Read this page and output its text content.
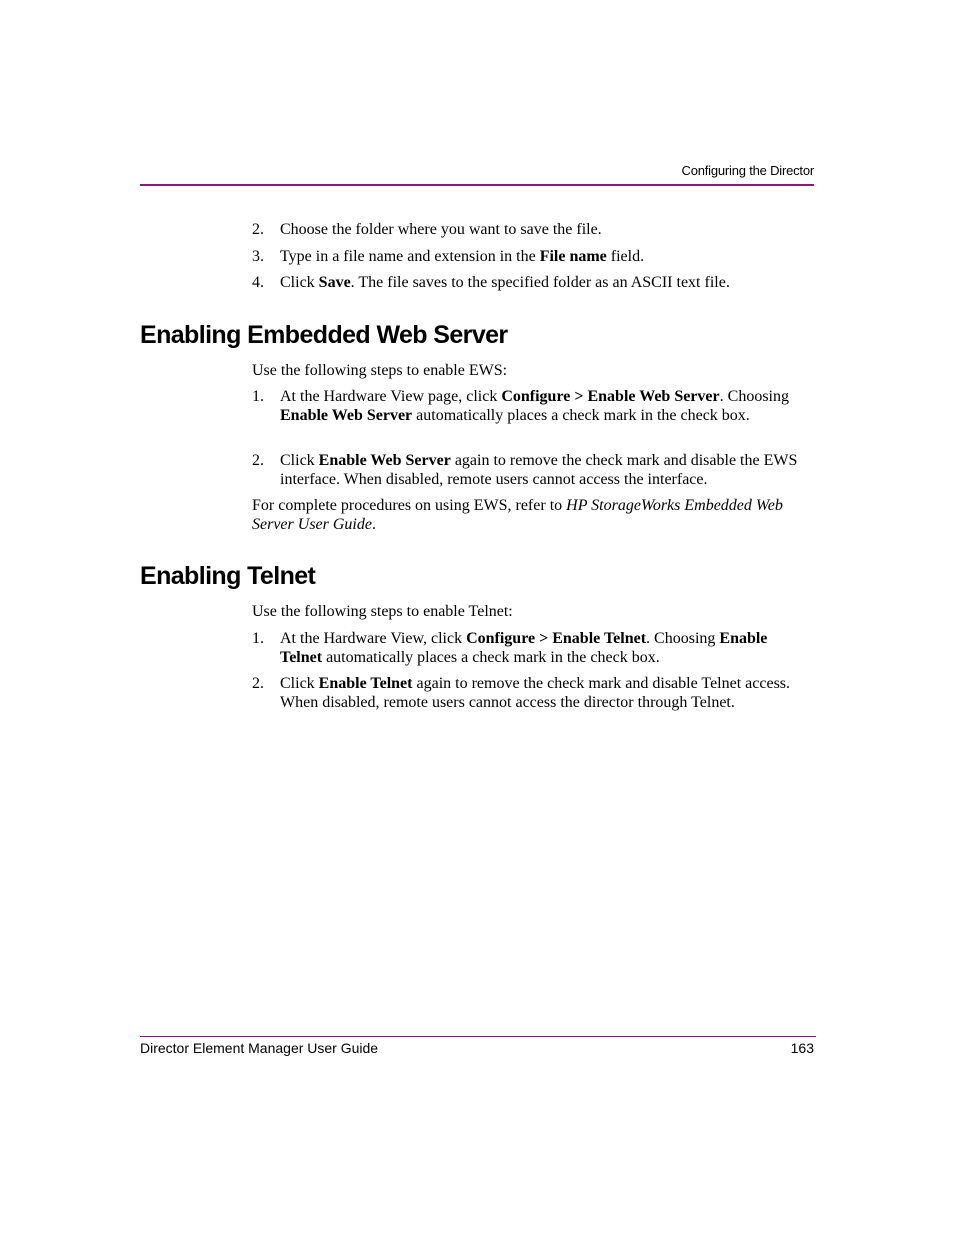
Configuring the Director
2. Choose the folder where you want to save the file.
3. Type in a file name and extension in the File name field.
4. Click Save. The file saves to the specified folder as an ASCII text file.
Enabling Embedded Web Server
Use the following steps to enable EWS:
1. At the Hardware View page, click Configure > Enable Web Server. Choosing Enable Web Server automatically places a check mark in the check box.
2. Click Enable Web Server again to remove the check mark and disable the EWS interface. When disabled, remote users cannot access the interface.
For complete procedures on using EWS, refer to HP StorageWorks Embedded Web Server User Guide.
Enabling Telnet
Use the following steps to enable Telnet:
1. At the Hardware View, click Configure > Enable Telnet. Choosing Enable Telnet automatically places a check mark in the check box.
2. Click Enable Telnet again to remove the check mark and disable Telnet access. When disabled, remote users cannot access the director through Telnet.
Director Element Manager User Guide	163
